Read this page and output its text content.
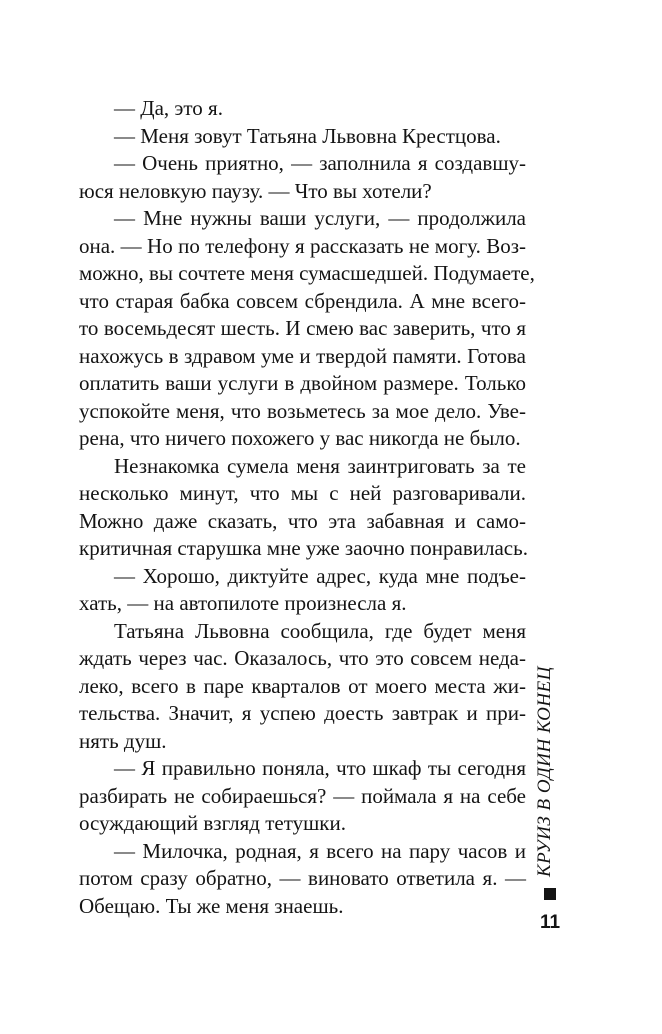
— Да, это я.
— Меня зовут Татьяна Львовна Крестцова.
— Очень приятно, — заполнила я создавшу-
юся неловкую паузу. — Что вы хотели?
— Мне нужны ваши услуги, — продолжила
она. — Но по телефону я рассказать не могу. Воз-
можно, вы сочтете меня сумасшедшей. Подумаете,
что старая бабка совсем сбрендила. А мне всего-
то восемьдесят шесть. И смею вас заверить, что я
нахожусь в здравом уме и твердой памяти. Готова
оплатить ваши услуги в двойном размере. Только
успокойте меня, что возьметесь за мое дело. Уве-
рена, что ничего похожего у вас никогда не было.
Незнакомка сумела меня заинтриговать за те
несколько минут, что мы с ней разговаривали.
Можно даже сказать, что эта забавная и само-
критичная старушка мне уже заочно понравилась.
— Хорошо, диктуйте адрес, куда мне подъе-
хать, — на автопилоте произнесла я.
Татьяна Львовна сообщила, где будет меня
ждать через час. Оказалось, что это совсем неда-
леко, всего в паре кварталов от моего места жи-
тельства. Значит, я успею доесть завтрак и при-
нять душ.
— Я правильно поняла, что шкаф ты сегодня
разбирать не собираешься? — поймала я на себе
осуждающий взгляд тетушки.
— Милочка, родная, я всего на пару часов и
потом сразу обратно, — виновато ответила я. —
Обещаю. Ты же меня знаешь.
КРУИЗ В ОДИН КОНЕЦ
11
